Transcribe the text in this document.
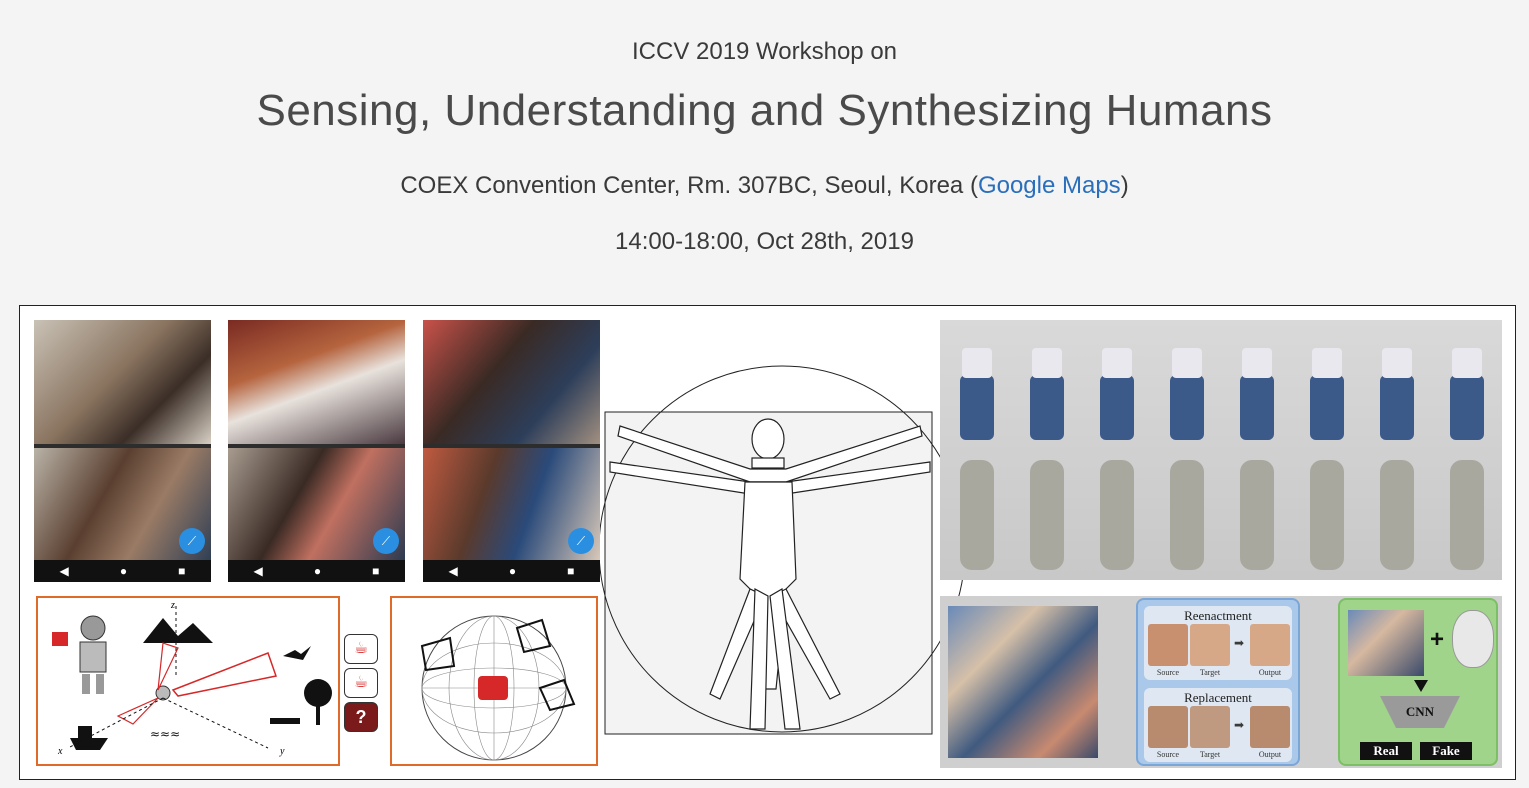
ICCV 2019 Workshop on
Sensing, Understanding and Synthesizing Humans
COEX Convention Center, Rm. 307BC, Seoul, Korea (Google Maps)
14:00-18:00, Oct 28th, 2019
⟋
◀	●	■
⟋
◀	●	■
⟋
◀	●	■
≈≈≈
z
x	y
☕
☕
?
Reenactment
➡
Source	Target	Output
Replacement
➡
Source	Target	Output
+
CNN
Real	Fake
